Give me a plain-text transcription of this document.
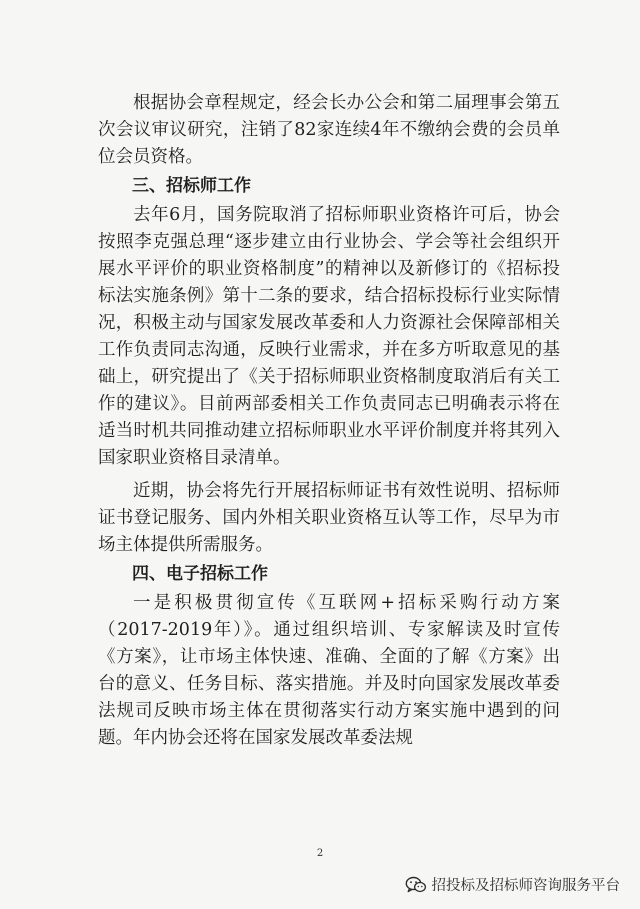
根据协会章程规定，经会长办公会和第二届理事会第五次会议审议研究，注销了82家连续4年不缴纳会费的会员单位会员资格。

三、招标师工作

去年6月，国务院取消了招标师职业资格许可后，协会按照李克强总理“逐步建立由行业协会、学会等社会组织开展水平评价的职业资格制度”的精神以及新修订的《招标投标法实施条例》第十二条的要求，结合招标投标行业实际情况，积极主动与国家发展改革委和人力资源社会保障部相关工作负责同志沟通，反映行业需求，并在多方听取意见的基础上，研究提出了《关于招标师职业资格制度取消后有关工作的建议》。目前两部委相关工作负责同志已明确表示将在适当时机共同推动建立招标师职业水平评价制度并将其列入国家职业资格目录清单。

近期，协会将先行开展招标师证书有效性说明、招标师证书登记服务、国内外相关职业资格互认等工作，尽早为市场主体提供所需服务。

四、电子招标工作

一是积极贯彻宣传《互联网+招标采购行动方案（2017-2019年）》。通过组织培训、专家解读及时宣传《方案》，让市场主体快速、准确、全面的了解《方案》出台的意义、任务目标、落实措施。并及时向国家发展改革委法规司反映市场主体在贯彻落实行动方案实施中遇到的问题。年内协会还将在国家发展改革委法规

2
招投标及招标师咨询服务平台
